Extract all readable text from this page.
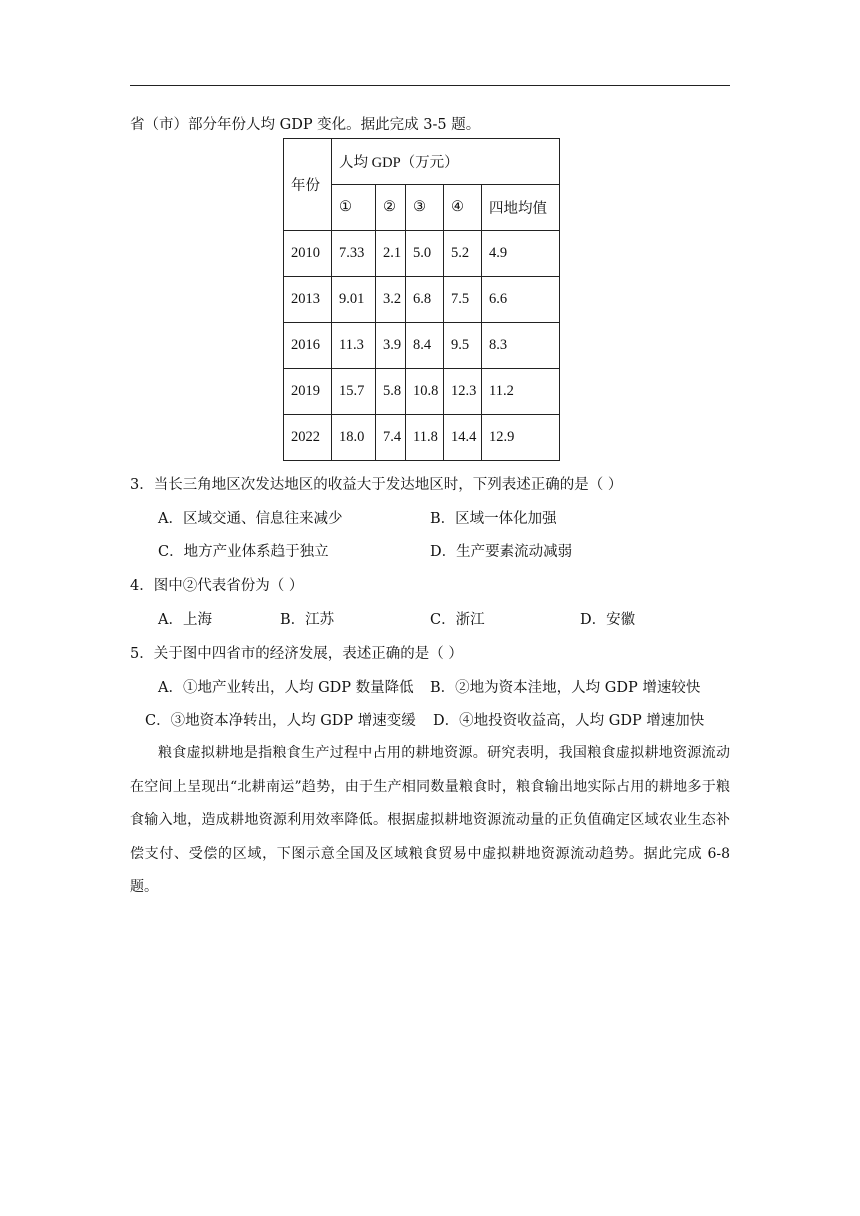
省（市）部分年份人均 GDP 变化。据此完成 3-5 题。
年份	人均 GDP（万元）				
	①	②	③	④	四地均值
2010	7.33	2.1	5.0	5.2	4.9
2013	9.01	3.2	6.8	7.5	6.6
2016	11.3	3.9	8.4	9.5	8.3
2019	15.7	5.8	10.8	12.3	11.2
2022	18.0	7.4	11.8	14.4	12.9
3．当长三角地区次发达地区的收益大于发达地区时，下列表述正确的是（ ）
A．区域交通、信息往来减少	B．区域一体化加强
C．地方产业体系趋于独立	D．生产要素流动减弱
4．图中②代表省份为（ ）
A．上海	B．江苏	C．浙江	D．安徽
5．关于图中四省市的经济发展，表述正确的是（ ）
A．①地产业转出，人均 GDP 数量降低 B．②地为资本洼地，人均 GDP 增速较快
C．③地资本净转出，人均 GDP 增速变缓 D．④地投资收益高，人均 GDP 增速加快

粮食虚拟耕地是指粮食生产过程中占用的耕地资源。研究表明，我国粮食虚拟耕地资源流动在空间上呈现出“北耕南运”趋势，由于生产相同数量粮食时，粮食输出地实际占用的耕地多于粮食输入地，造成耕地资源利用效率降低。根据虚拟耕地资源流动量的正负值确定区域农业生态补偿支付、受偿的区域，下图示意全国及区域粮食贸易中虚拟耕地资源流动趋势。据此完成 6-8 题。
